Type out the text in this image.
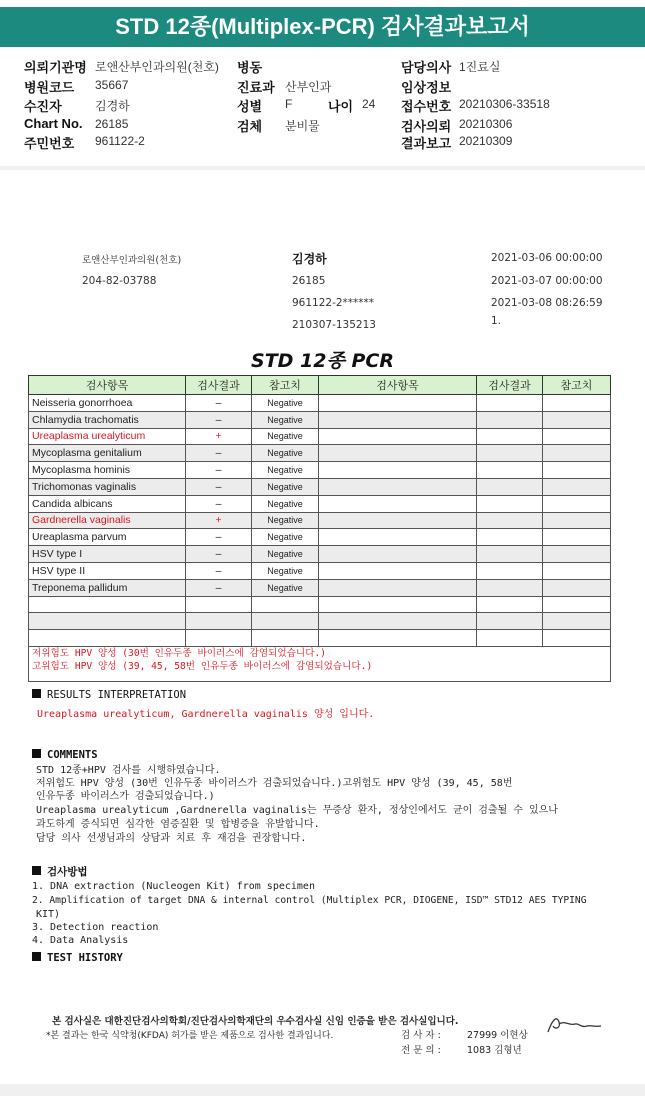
STD 12종(Multiplex-PCR) 검사결과보고서
의뢰기관명 로앤산부인과의원(천호)
병원코드 35667
수진자	김경하
Chart No. 26185
주민번호 961122-2
병동
진료과 산부인과
성별 F	나이 24
검체 분비물
담당의사 1진료실
임상정보
접수번호 20210306-33518
검사의뢰 20210306
결과보고 20210309
로앤산부인과의원(천호)
204-82-03788
김경하
26185
961122-2******
210307-135213
2021-03-06 00:00:00
2021-03-07 00:00:00
2021-03-08 08:26:59
1.
STD 12종 PCR
검사항목	검사결과	참고치	검사항목	검사결과	참고치
Neisseria gonorrhoea	–	Negative			
Chlamydia trachomatis	–	Negative			
Ureaplasma urealyticum	+	Negative			
Mycoplasma genitalium	–	Negative			
Mycoplasma hominis	–	Negative			
Trichomonas vaginalis	–	Negative			
Candida albicans	–	Negative			
Gardnerella vaginalis	+	Negative			
Ureaplasma parvum	–	Negative			
HSV type I	–	Negative			
HSV type II	–	Negative			
Treponema pallidum	–	Negative			

저위험도 HPV 양성 (30번 인유두종 바이러스에 감염되었습니다.)
고위험도 HPV 양성 (39, 45, 58번 인유두종 바이러스에 감염되었습니다.)					
RESULTS INTERPRETATION
Ureaplasma urealyticum, Gardnerella vaginalis 양성 입니다.
COMMENTS
STD 12종+HPV 검사를 시행하였습니다.
저위험도 HPV 양성 (30번 인유두종 바이러스가 검출되었습니다.)고위험도 HPV 양성 (39, 45, 58번
인유두종 바이러스가 검출되었습니다.)
Ureaplasma urealyticum ,Gardnerella vaginalis는 무증상 환자, 정상인에서도 균이 검출될 수 있으나
과도하게 증식되면 심각한 염증질환 및 합병증을 유발합니다.
담당 의사 선생님과의 상담과 치료 후 재검을 권장합니다.
검사방법
1. DNA extraction (Nucleogen Kit) from specimen
2. Amplification of target DNA & internal control (Multiplex PCR, DIOGENE, ISD™ STD12 AES TYPING
KIT)
3. Detection reaction
4. Data Analysis
TEST HISTORY
본 검사실은 대한진단검사의학회/진단검사의학재단의 우수검사실 신임 인증을 받은 검사실입니다.
*본 결과는 한국 식약청(KFDA) 허가를 받은 제품으로 검사한 결과입니다.	검 사 자 :	27999 이현상
전 문 의 :	1083 김형년
